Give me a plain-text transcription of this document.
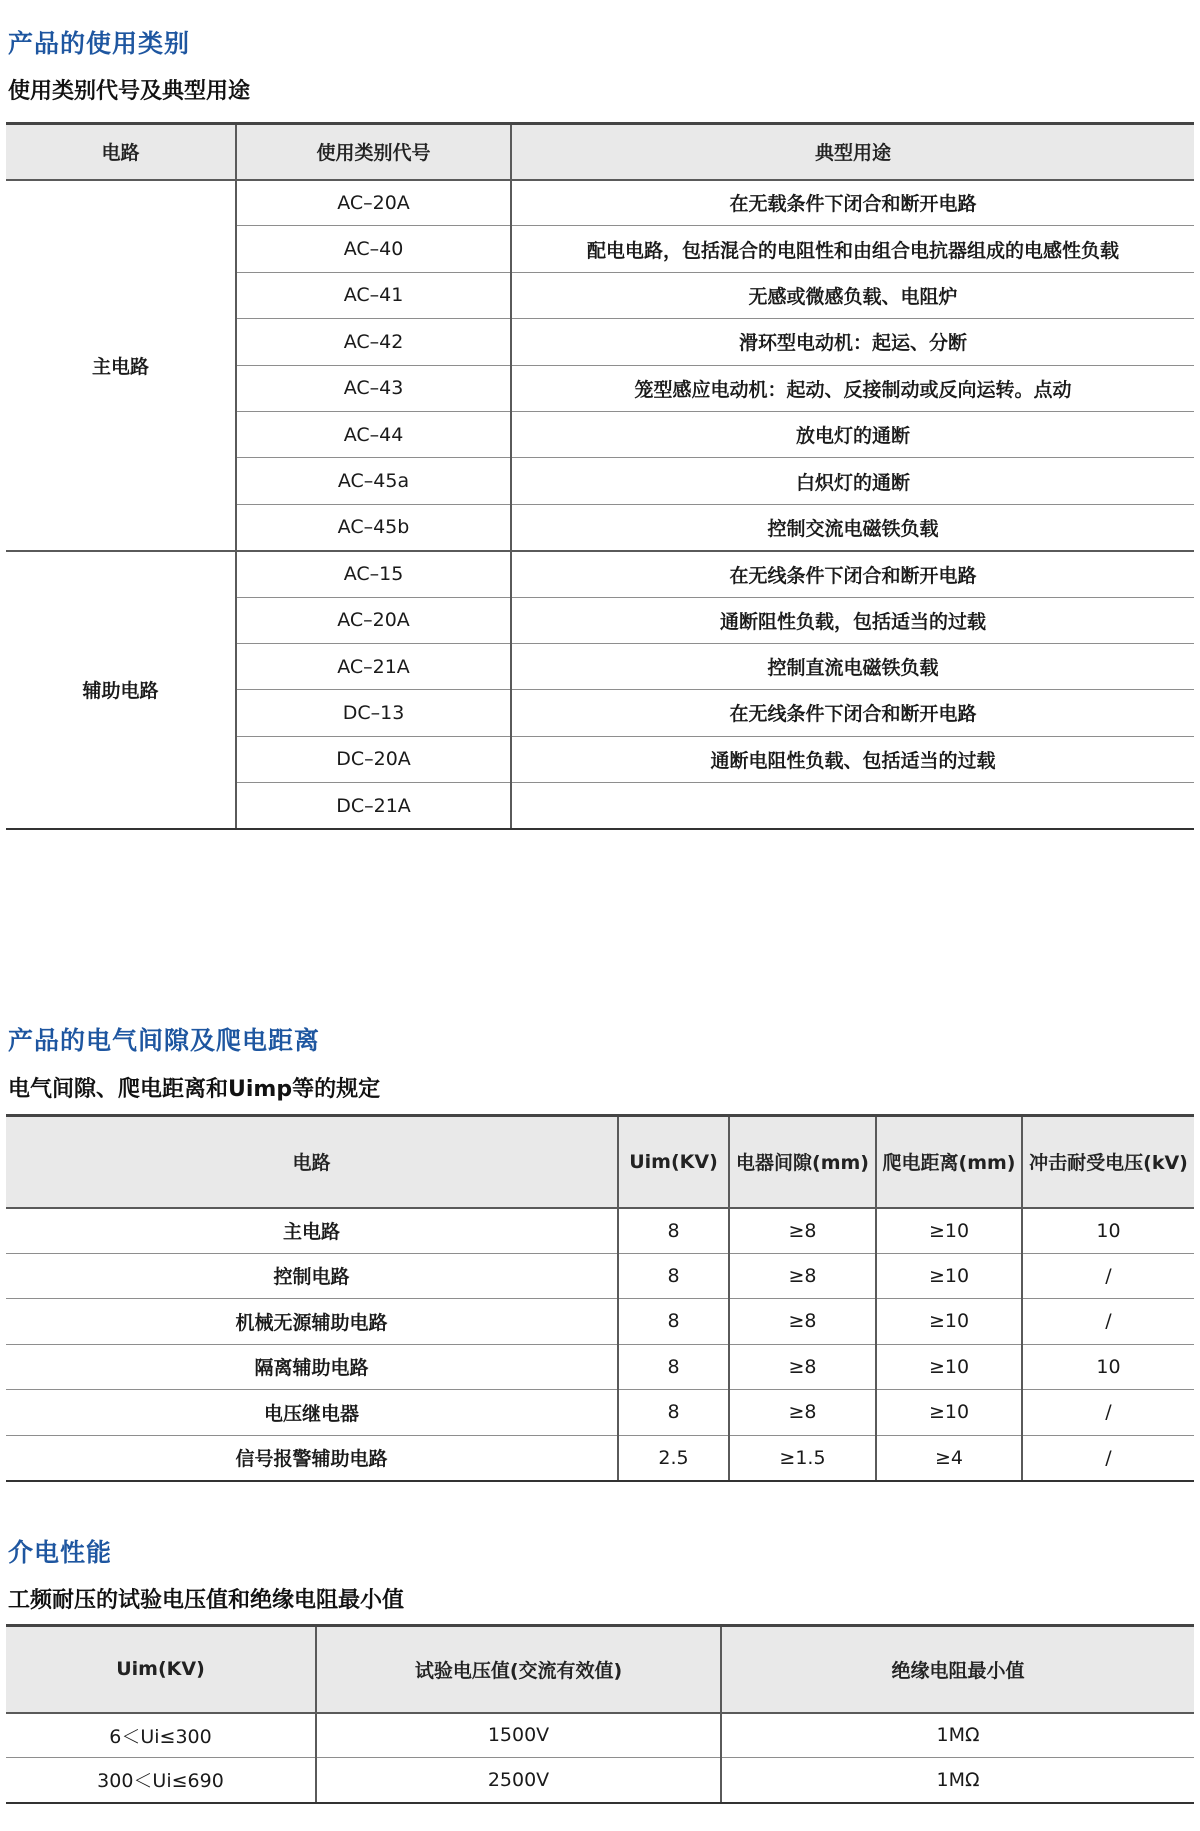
产品的使用类别
使用类别代号及典型用途
电路	使用类别代号	典型用途
主电路	AC–20A	在无载条件下闭合和断开电路
	AC–40	配电电路，包括混合的电阻性和由组合电抗器组成的电感性负载
	AC–41	无感或微感负载、电阻炉
	AC–42	滑环型电动机：起运、分断
	AC–43	笼型感应电动机：起动、反接制动或反向运转。点动
	AC–44	放电灯的通断
	AC–45a	白炽灯的通断
	AC–45b	控制交流电磁铁负载
辅助电路	AC–15	在无线条件下闭合和断开电路
	AC–20A	通断阻性负载，包括适当的过载
	AC–21A	控制直流电磁铁负载
	DC–13	在无线条件下闭合和断开电路
	DC–20A	通断电阻性负载、包括适当的过载
	DC–21A	
产品的电气间隙及爬电距离
电气间隙、爬电距离和Uimp等的规定
电路	Uim(KV)	电器间隙(mm)	爬电距离(mm)	冲击耐受电压(kV)
主电路	8	≥8	≥10	10
控制电路	8	≥8	≥10	/
机械无源辅助电路	8	≥8	≥10	/
隔离辅助电路	8	≥8	≥10	10
电压继电器	8	≥8	≥10	/
信号报警辅助电路	2.5	≥1.5	≥4	/
介电性能
工频耐压的试验电压值和绝缘电阻最小值
Uim(KV)	试验电压值(交流有效值)	绝缘电阻最小值
6＜Ui≤300	1500V	1MΩ
300＜Ui≤690	2500V	1MΩ
